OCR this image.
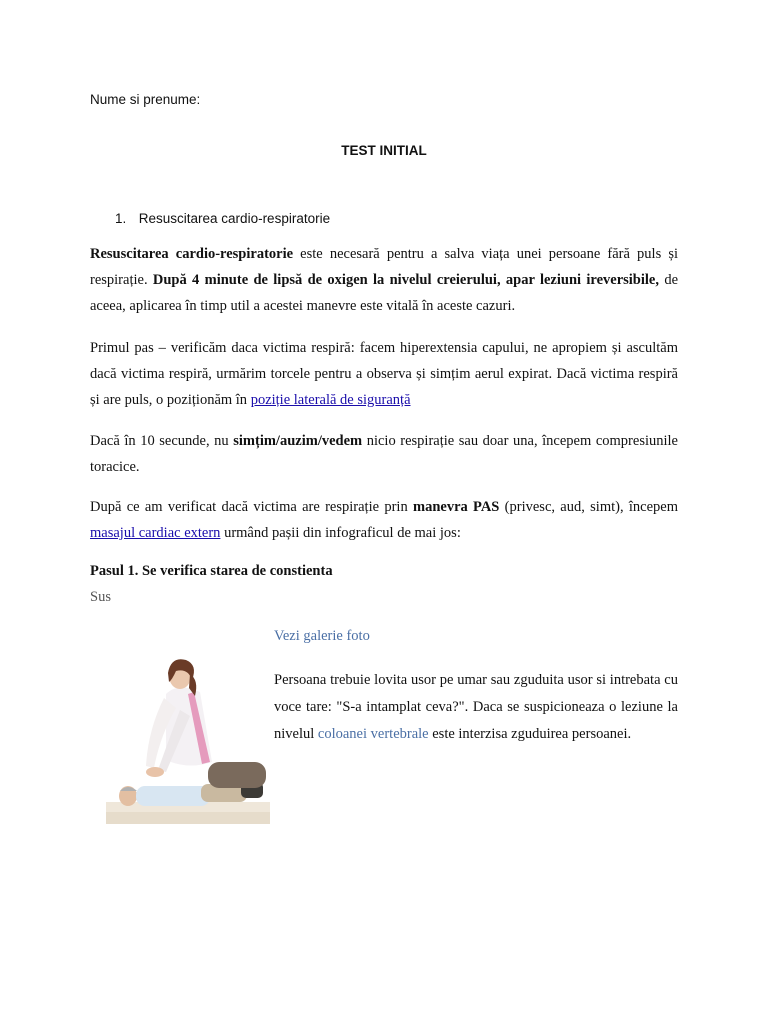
Nume si prenume:
TEST INITIAL
1. Resuscitarea cardio-respiratorie
Resuscitarea cardio-respiratorie este necesară pentru a salva viața unei persoane fără puls și respirație. După 4 minute de lipsă de oxigen la nivelul creierului, apar leziuni ireversibile, de aceea, aplicarea în timp util a acestei manevre este vitală în aceste cazuri.
Primul pas – verificăm daca victima respiră: facem hiperextensia capului, ne apropiem și ascultăm dacă victima respiră, urmărim torcele pentru a observa și simțim aerul expirat. Dacă victima respiră și are puls, o poziționăm în poziție laterală de siguranță
Dacă în 10 secunde, nu simțim/auzim/vedem nicio respirație sau doar una, începem compresiunile toracice.
După ce am verificat dacă victima are respirație prin manevra PAS (privesc, aud, simt), începem masajul cardiac extern urmând pașii din infograficul de mai jos:
Pasul 1. Se verifica starea de constienta
Sus
Vezi galerie foto
Persoana trebuie lovita usor pe umar sau zguduita usor si intrebata cu voce tare: "S-a intamplat ceva?". Daca se suspicioneaza o leziune la nivelul coloanei vertebrale este interzisa zguduirea persoanei.
